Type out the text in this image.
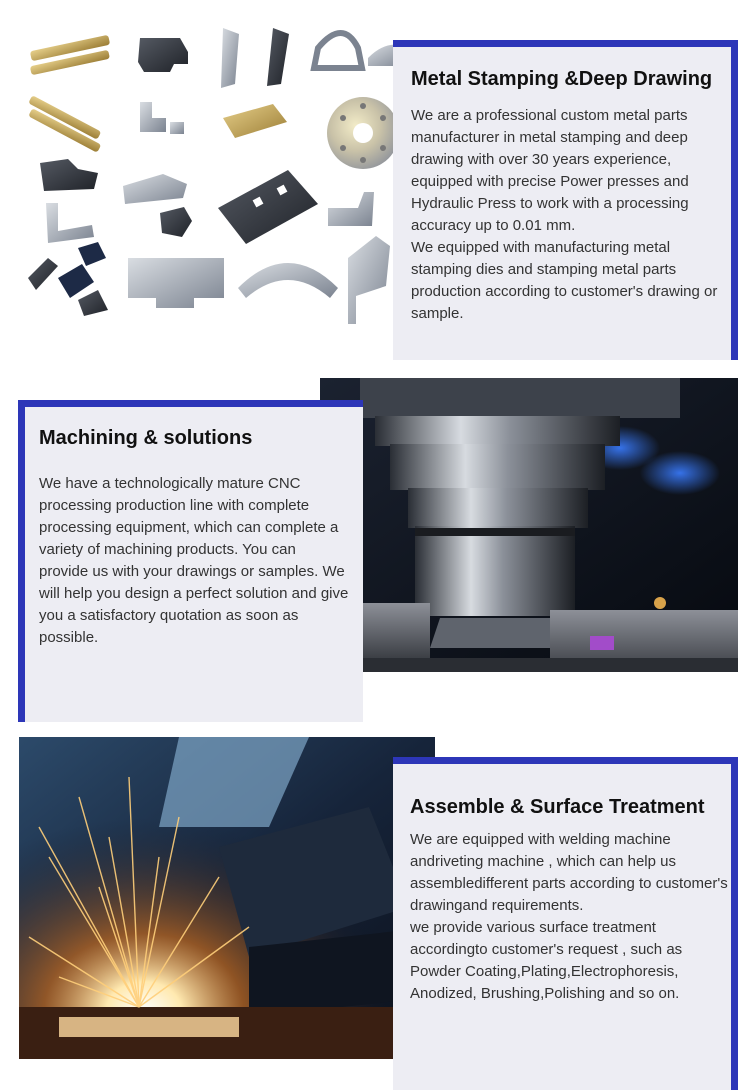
Metal Stamping &Deep Drawing

We are a professional custom metal parts manufacturer in metal stamping and deep drawing with over 30 years experience, equipped with precise Power presses and Hydraulic Press to work with a processing accuracy up to 0.01 mm.

We equipped with manufacturing metal stamping dies and stamping metal parts production according to customer's drawing or sample.

Machining & solutions

We have a technologically mature CNC processing production line with complete processing equipment, which can complete a variety of machining products. You can provide us with your drawings or samples. We will help you design a perfect solution and give you a satisfactory quotation as soon as possible.

Assemble & Surface Treatment

We are equipped with welding machine andriveting machine , which can help us assembledifferent parts according to customer's drawingand requirements.

we provide various surface treatment accordingto customer's request , such as Powder Coating,Plating,Electrophoresis, Anodized, Brushing,Polishing and so on.
